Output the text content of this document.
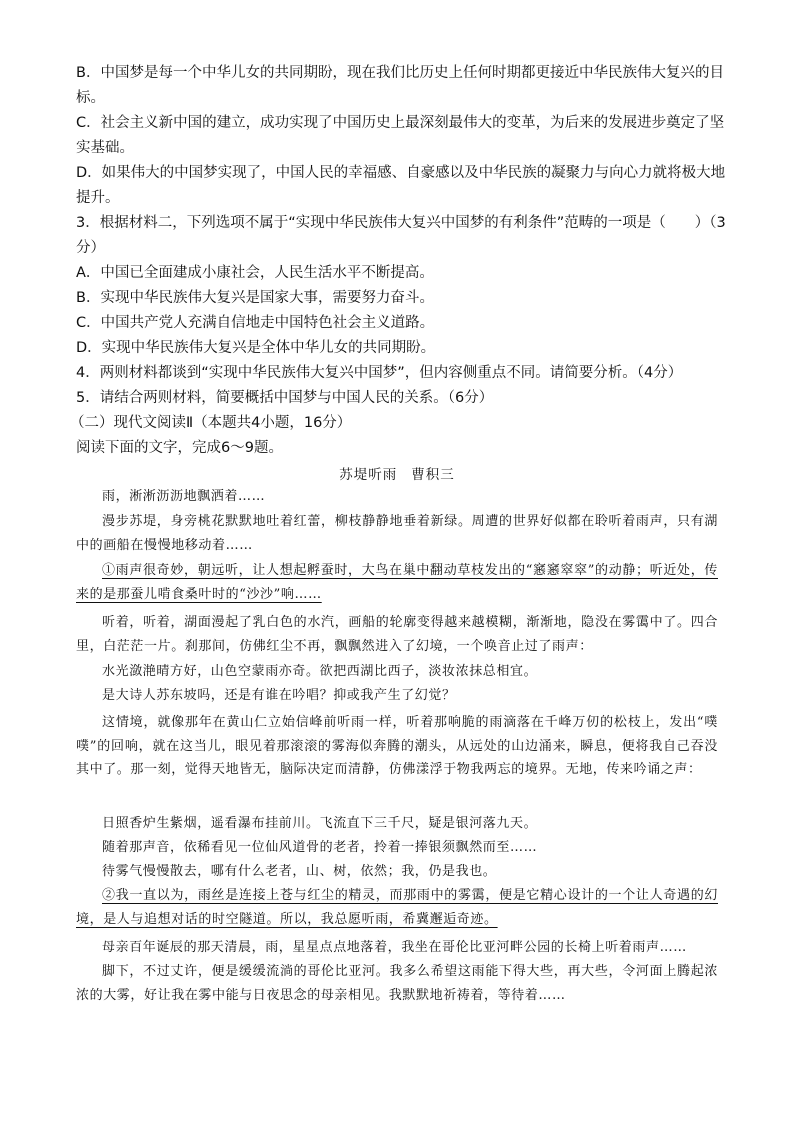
B．中国梦是每一个中华儿女的共同期盼，现在我们比历史上任何时期都更接近中华民族伟大复兴的目标。

C．社会主义新中国的建立，成功实现了中国历史上最深刻最伟大的变革，为后来的发展进步奠定了坚实基础。

D．如果伟大的中国梦实现了，中国人民的幸福感、自豪感以及中华民族的凝聚力与向心力就将极大地提升。

3．根据材料二，下列选项不属于“实现中华民族伟大复兴中国梦的有利条件”范畴的一项是（　　）（3分）

A．中国已全面建成小康社会，人民生活水平不断提高。

B．实现中华民族伟大复兴是国家大事，需要努力奋斗。

C．中国共产党人充满自信地走中国特色社会主义道路。

D．实现中华民族伟大复兴是全体中华儿女的共同期盼。

4．两则材料都谈到“实现中华民族伟大复兴中国梦”，但内容侧重点不同。请简要分析。（4分）

5．请结合两则材料，简要概括中国梦与中国人民的关系。（6分）

（二）现代文阅读Ⅱ（本题共4小题，16分）

阅读下面的文字，完成6～9题。

苏堤听雨 曹积三

雨，淅淅沥沥地飘洒着……

漫步苏堤，身旁桃花默默地吐着红蕾，柳枝静静地垂着新绿。周遭的世界好似都在聆听着雨声，只有湖中的画船在慢慢地移动着……

①雨声很奇妙，朝远听，让人想起孵蚕时，大鸟在巢中翻动草枝发出的“窸窸窣窣”的动静；听近处，传来的是那蚕儿啃食桑叶时的“沙沙”响……

听着，听着，湖面漫起了乳白色的水汽，画船的轮廓变得越来越模糊，渐渐地，隐没在雾霭中了。四合里，白茫茫一片。刹那间，仿佛红尘不再，飘飘然进入了幻境，一个唤音止过了雨声：

水光潋滟晴方好，山色空蒙雨亦奇。欲把西湖比西子，淡妆浓抹总相宜。

是大诗人苏东坡吗，还是有谁在吟唱？抑或我产生了幻觉？

这情境，就像那年在黄山仁立始信峰前听雨一样，听着那响脆的雨滴落在千峰万仞的松枝上，发出“噗噗”的回响，就在这当儿，眼见着那滚滚的雾海似奔腾的潮头，从远处的山边涌来，瞬息，便将我自己吞没其中了。那一刻，觉得天地皆无，脑际决定而清静，仿佛漾浮于物我两忘的境界。无地，传来吟诵之声：

日照香炉生紫烟，遥看瀑布挂前川。飞流直下三千尺，疑是银河落九天。

随着那声音，依稀看见一位仙风道骨的老者，拎着一捧银须飘然而至……

待雾气慢慢散去，哪有什么老者，山、树，依然；我，仍是我也。

②我一直以为，雨丝是连接上苍与红尘的精灵，而那雨中的雾霭，便是它精心设计的一个让人奇遇的幻境，是人与追想对话的时空隧道。所以，我总愿听雨，希冀邂逅奇迹。

母亲百年诞辰的那天清晨，雨，星星点点地落着，我坐在哥伦比亚河畔公园的长椅上听着雨声……

脚下，不过丈许，便是缓缓流淌的哥伦比亚河。我多么希望这雨能下得大些，再大些，令河面上腾起浓浓的大雾，好让我在雾中能与日夜思念的母亲相见。我默默地祈祷着，等待着……
